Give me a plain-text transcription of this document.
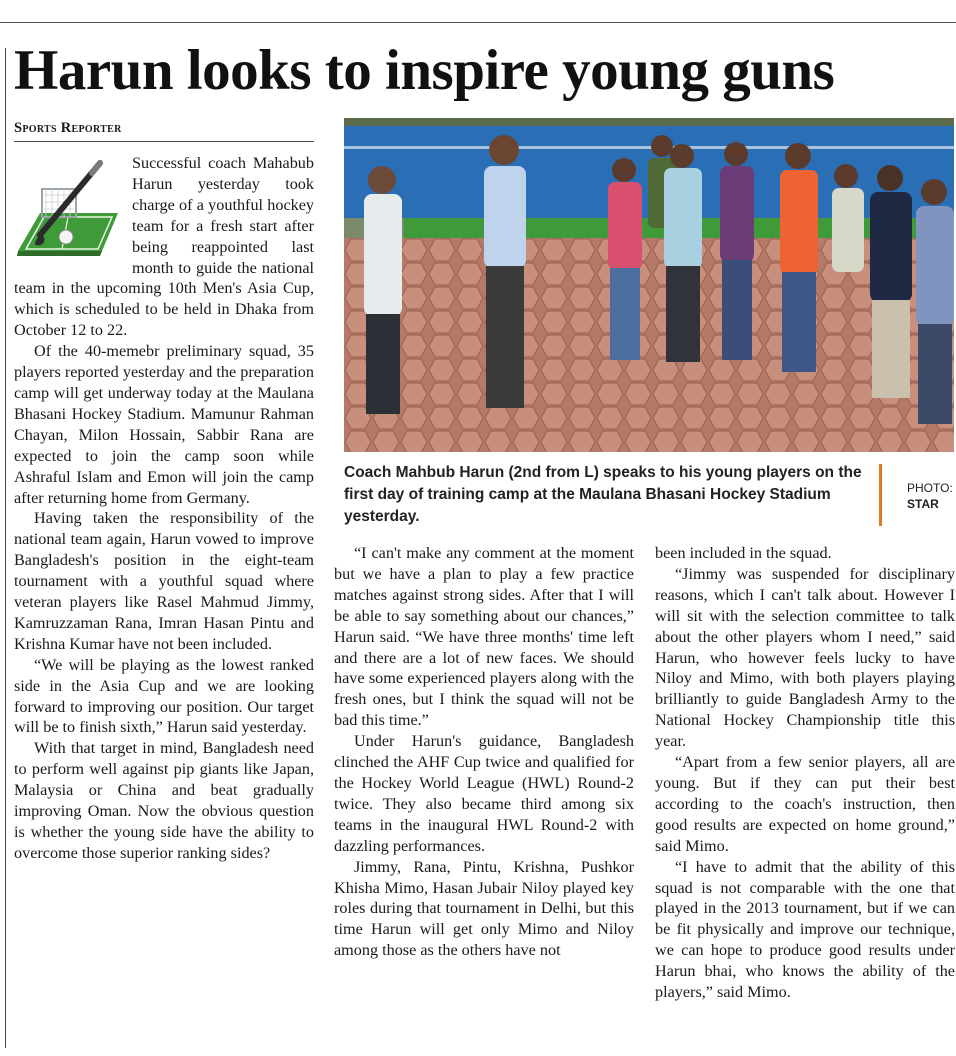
Harun looks to inspire young guns
Sports Reporter

Successful coach Mahabub Harun yesterday took charge of a youthful hockey team for a fresh start after being reappointed last month to guide the national team in the upcoming 10th Men's Asia Cup, which is scheduled to be held in Dhaka from October 12 to 22.

Of the 40-memebr preliminary squad, 35 players reported yesterday and the preparation camp will get underway today at the Maulana Bhasani Hockey Stadium. Mamunur Rahman Chayan, Milon Hossain, Sabbir Rana are expected to join the camp soon while Ashraful Islam and Emon will join the camp after returning home from Germany.

Having taken the responsibility of the national team again, Harun vowed to improve Bangladesh's position in the eight-team tournament with a youthful squad where veteran players like Rasel Mahmud Jimmy, Kamruzzaman Rana, Imran Hasan Pintu and Krishna Kumar have not been included.

“We will be playing as the lowest ranked side in the Asia Cup and we are looking forward to improving our position. Our target will be to finish sixth,” Harun said yesterday.

With that target in mind, Bangladesh need to perform well against pip giants like Japan, Malaysia or China and beat gradually improving Oman. Now the obvious question is whether the young side have the ability to overcome those superior ranking sides?

Coach Mahbub Harun (2nd from L) speaks to his young players on the first day of training camp at the Maulana Bhasani Hockey Stadium yesterday.
PHOTO:
STAR

“I can't make any comment at the moment but we have a plan to play a few practice matches against strong sides. After that I will be able to say something about our chances,” Harun said. “We have three months' time left and there are a lot of new faces. We should have some experienced players along with the fresh ones, but I think the squad will not be bad this time.”

Under Harun's guidance, Bangladesh clinched the AHF Cup twice and qualified for the Hockey World League (HWL) Round-2 twice. They also became third among six teams in the inaugural HWL Round-2 with dazzling performances.

Jimmy, Rana, Pintu, Krishna, Pushkor Khisha Mimo, Hasan Jubair Niloy played key roles during that tournament in Delhi, but this time Harun will get only Mimo and Niloy among those as the others have not

been included in the squad.

“Jimmy was suspended for disciplinary reasons, which I can't talk about. However I will sit with the selection committee to talk about the other players whom I need,” said Harun, who however feels lucky to have Niloy and Mimo, with both players playing brilliantly to guide Bangladesh Army to the National Hockey Championship title this year.

“Apart from a few senior players, all are young. But if they can put their best according to the coach's instruction, then good results are expected on home ground,” said Mimo.

“I have to admit that the ability of this squad is not comparable with the one that played in the 2013 tournament, but if we can be fit physically and improve our technique, we can hope to produce good results under Harun bhai, who knows the ability of the players,” said Mimo.
